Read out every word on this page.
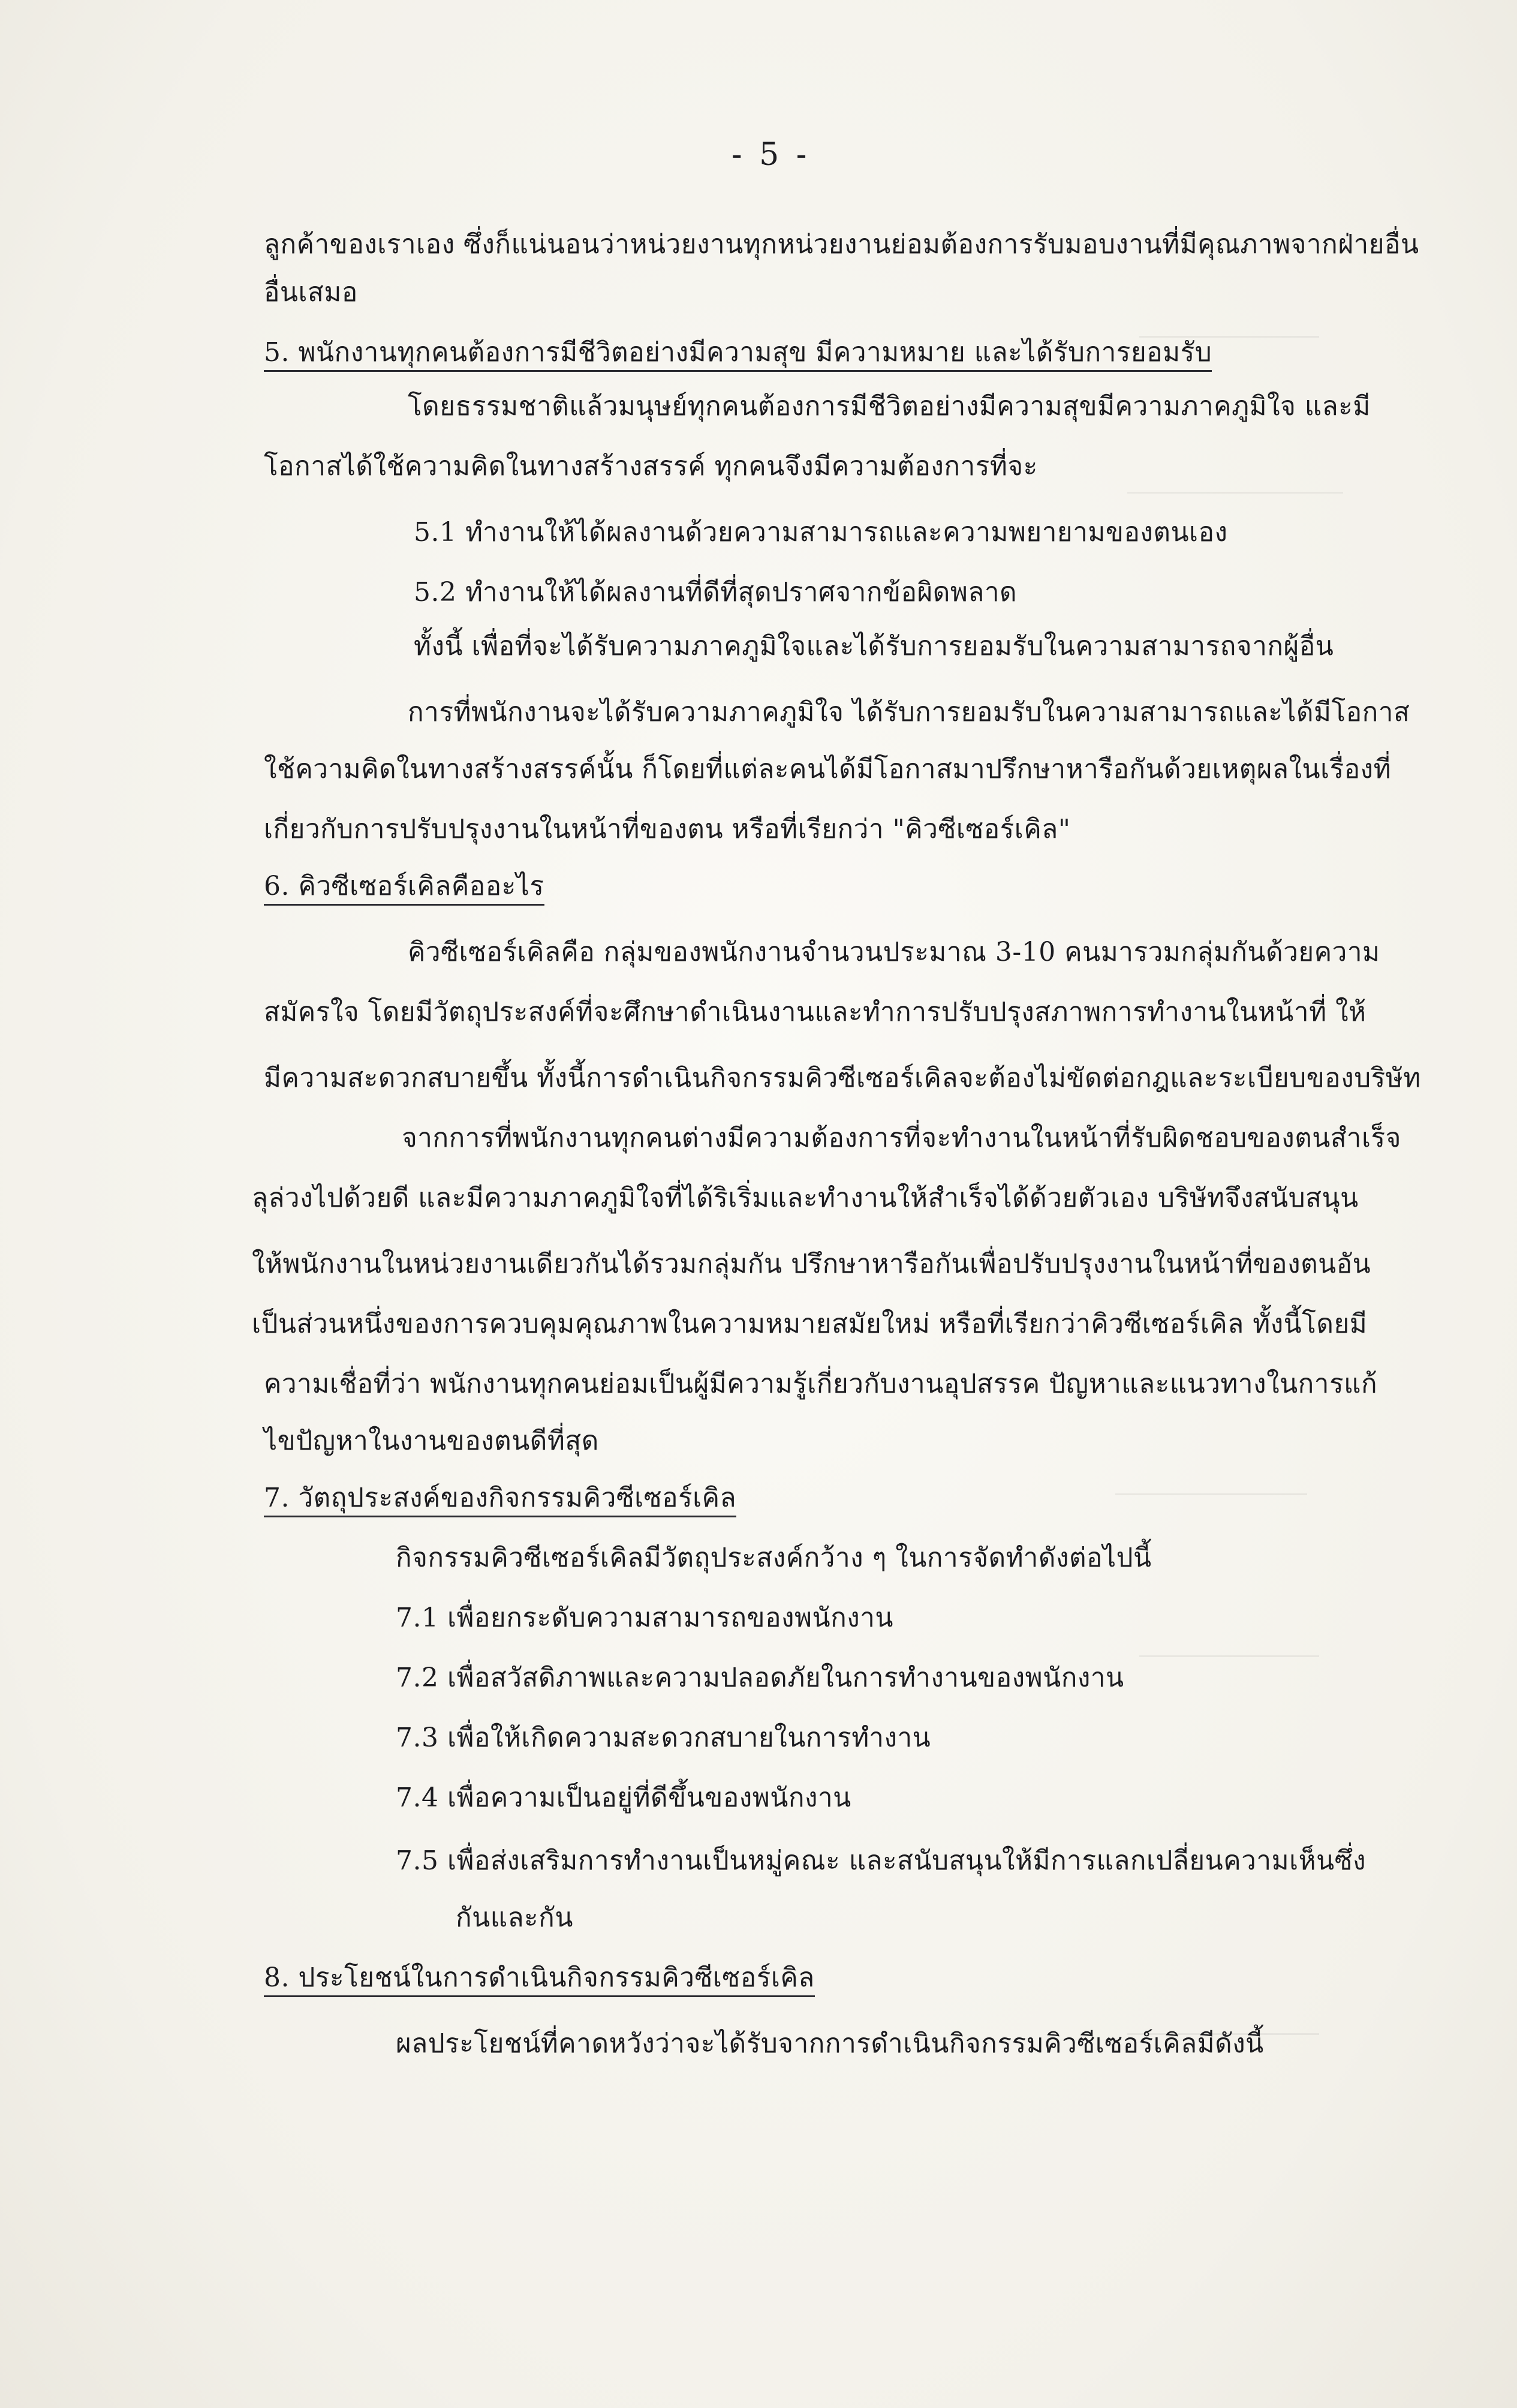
- 5 -
ลูกค้าของเราเอง ซึ่งก็แน่นอนว่าหน่วยงานทุกหน่วยงานย่อมต้องการรับมอบงานที่มีคุณภาพจากฝ่ายอื่น
อื่นเสมอ
5. พนักงานทุกคนต้องการมีชีวิตอย่างมีความสุข มีความหมาย และได้รับการยอมรับ
โดยธรรมชาติแล้วมนุษย์ทุกคนต้องการมีชีวิตอย่างมีความสุขมีความภาคภูมิใจ และมี
โอกาสได้ใช้ความคิดในทางสร้างสรรค์ ทุกคนจึงมีความต้องการที่จะ
5.1 ทำงานให้ได้ผลงานด้วยความสามารถและความพยายามของตนเอง
5.2 ทำงานให้ได้ผลงานที่ดีที่สุดปราศจากข้อผิดพลาด
ทั้งนี้ เพื่อที่จะได้รับความภาคภูมิใจและได้รับการยอมรับในความสามารถจากผู้อื่น
การที่พนักงานจะได้รับความภาคภูมิใจ ได้รับการยอมรับในความสามารถและได้มีโอกาส
ใช้ความคิดในทางสร้างสรรค์นั้น ก็โดยที่แต่ละคนได้มีโอกาสมาปรึกษาหารือกันด้วยเหตุผลในเรื่องที่
เกี่ยวกับการปรับปรุงงานในหน้าที่ของตน หรือที่เรียกว่า "คิวซีเซอร์เคิล"
6. คิวซีเซอร์เคิลคืออะไร
คิวซีเซอร์เคิลคือ กลุ่มของพนักงานจำนวนประมาณ 3-10 คนมารวมกลุ่มกันด้วยความ
สมัครใจ โดยมีวัตถุประสงค์ที่จะศึกษาดำเนินงานและทำการปรับปรุงสภาพการทำงานในหน้าที่ ให้
มีความสะดวกสบายขึ้น ทั้งนี้การดำเนินกิจกรรมคิวซีเซอร์เคิลจะต้องไม่ขัดต่อกฎและระเบียบของบริษัท
จากการที่พนักงานทุกคนต่างมีความต้องการที่จะทำงานในหน้าที่รับผิดชอบของตนสำเร็จ
ลุล่วงไปด้วยดี และมีความภาคภูมิใจที่ได้ริเริ่มและทำงานให้สำเร็จได้ด้วยตัวเอง บริษัทจึงสนับสนุน
ให้พนักงานในหน่วยงานเดียวกันได้รวมกลุ่มกัน ปรึกษาหารือกันเพื่อปรับปรุงงานในหน้าที่ของตนอัน
เป็นส่วนหนึ่งของการควบคุมคุณภาพในความหมายสมัยใหม่ หรือที่เรียกว่าคิวซีเซอร์เคิล ทั้งนี้โดยมี
ความเชื่อที่ว่า พนักงานทุกคนย่อมเป็นผู้มีความรู้เกี่ยวกับงานอุปสรรค ปัญหาและแนวทางในการแก้
ไขปัญหาในงานของตนดีที่สุด
7. วัตถุประสงค์ของกิจกรรมคิวซีเซอร์เคิล
กิจกรรมคิวซีเซอร์เคิลมีวัตถุประสงค์กว้าง ๆ ในการจัดทำดังต่อไปนี้
7.1 เพื่อยกระดับความสามารถของพนักงาน
7.2 เพื่อสวัสดิภาพและความปลอดภัยในการทำงานของพนักงาน
7.3 เพื่อให้เกิดความสะดวกสบายในการทำงาน
7.4 เพื่อความเป็นอยู่ที่ดีขึ้นของพนักงาน
7.5 เพื่อส่งเสริมการทำงานเป็นหมู่คณะ และสนับสนุนให้มีการแลกเปลี่ยนความเห็นซึ่ง
กันและกัน
8. ประโยชน์ในการดำเนินกิจกรรมคิวซีเซอร์เคิล
ผลประโยชน์ที่คาดหวังว่าจะได้รับจากการดำเนินกิจกรรมคิวซีเซอร์เคิลมีดังนี้
